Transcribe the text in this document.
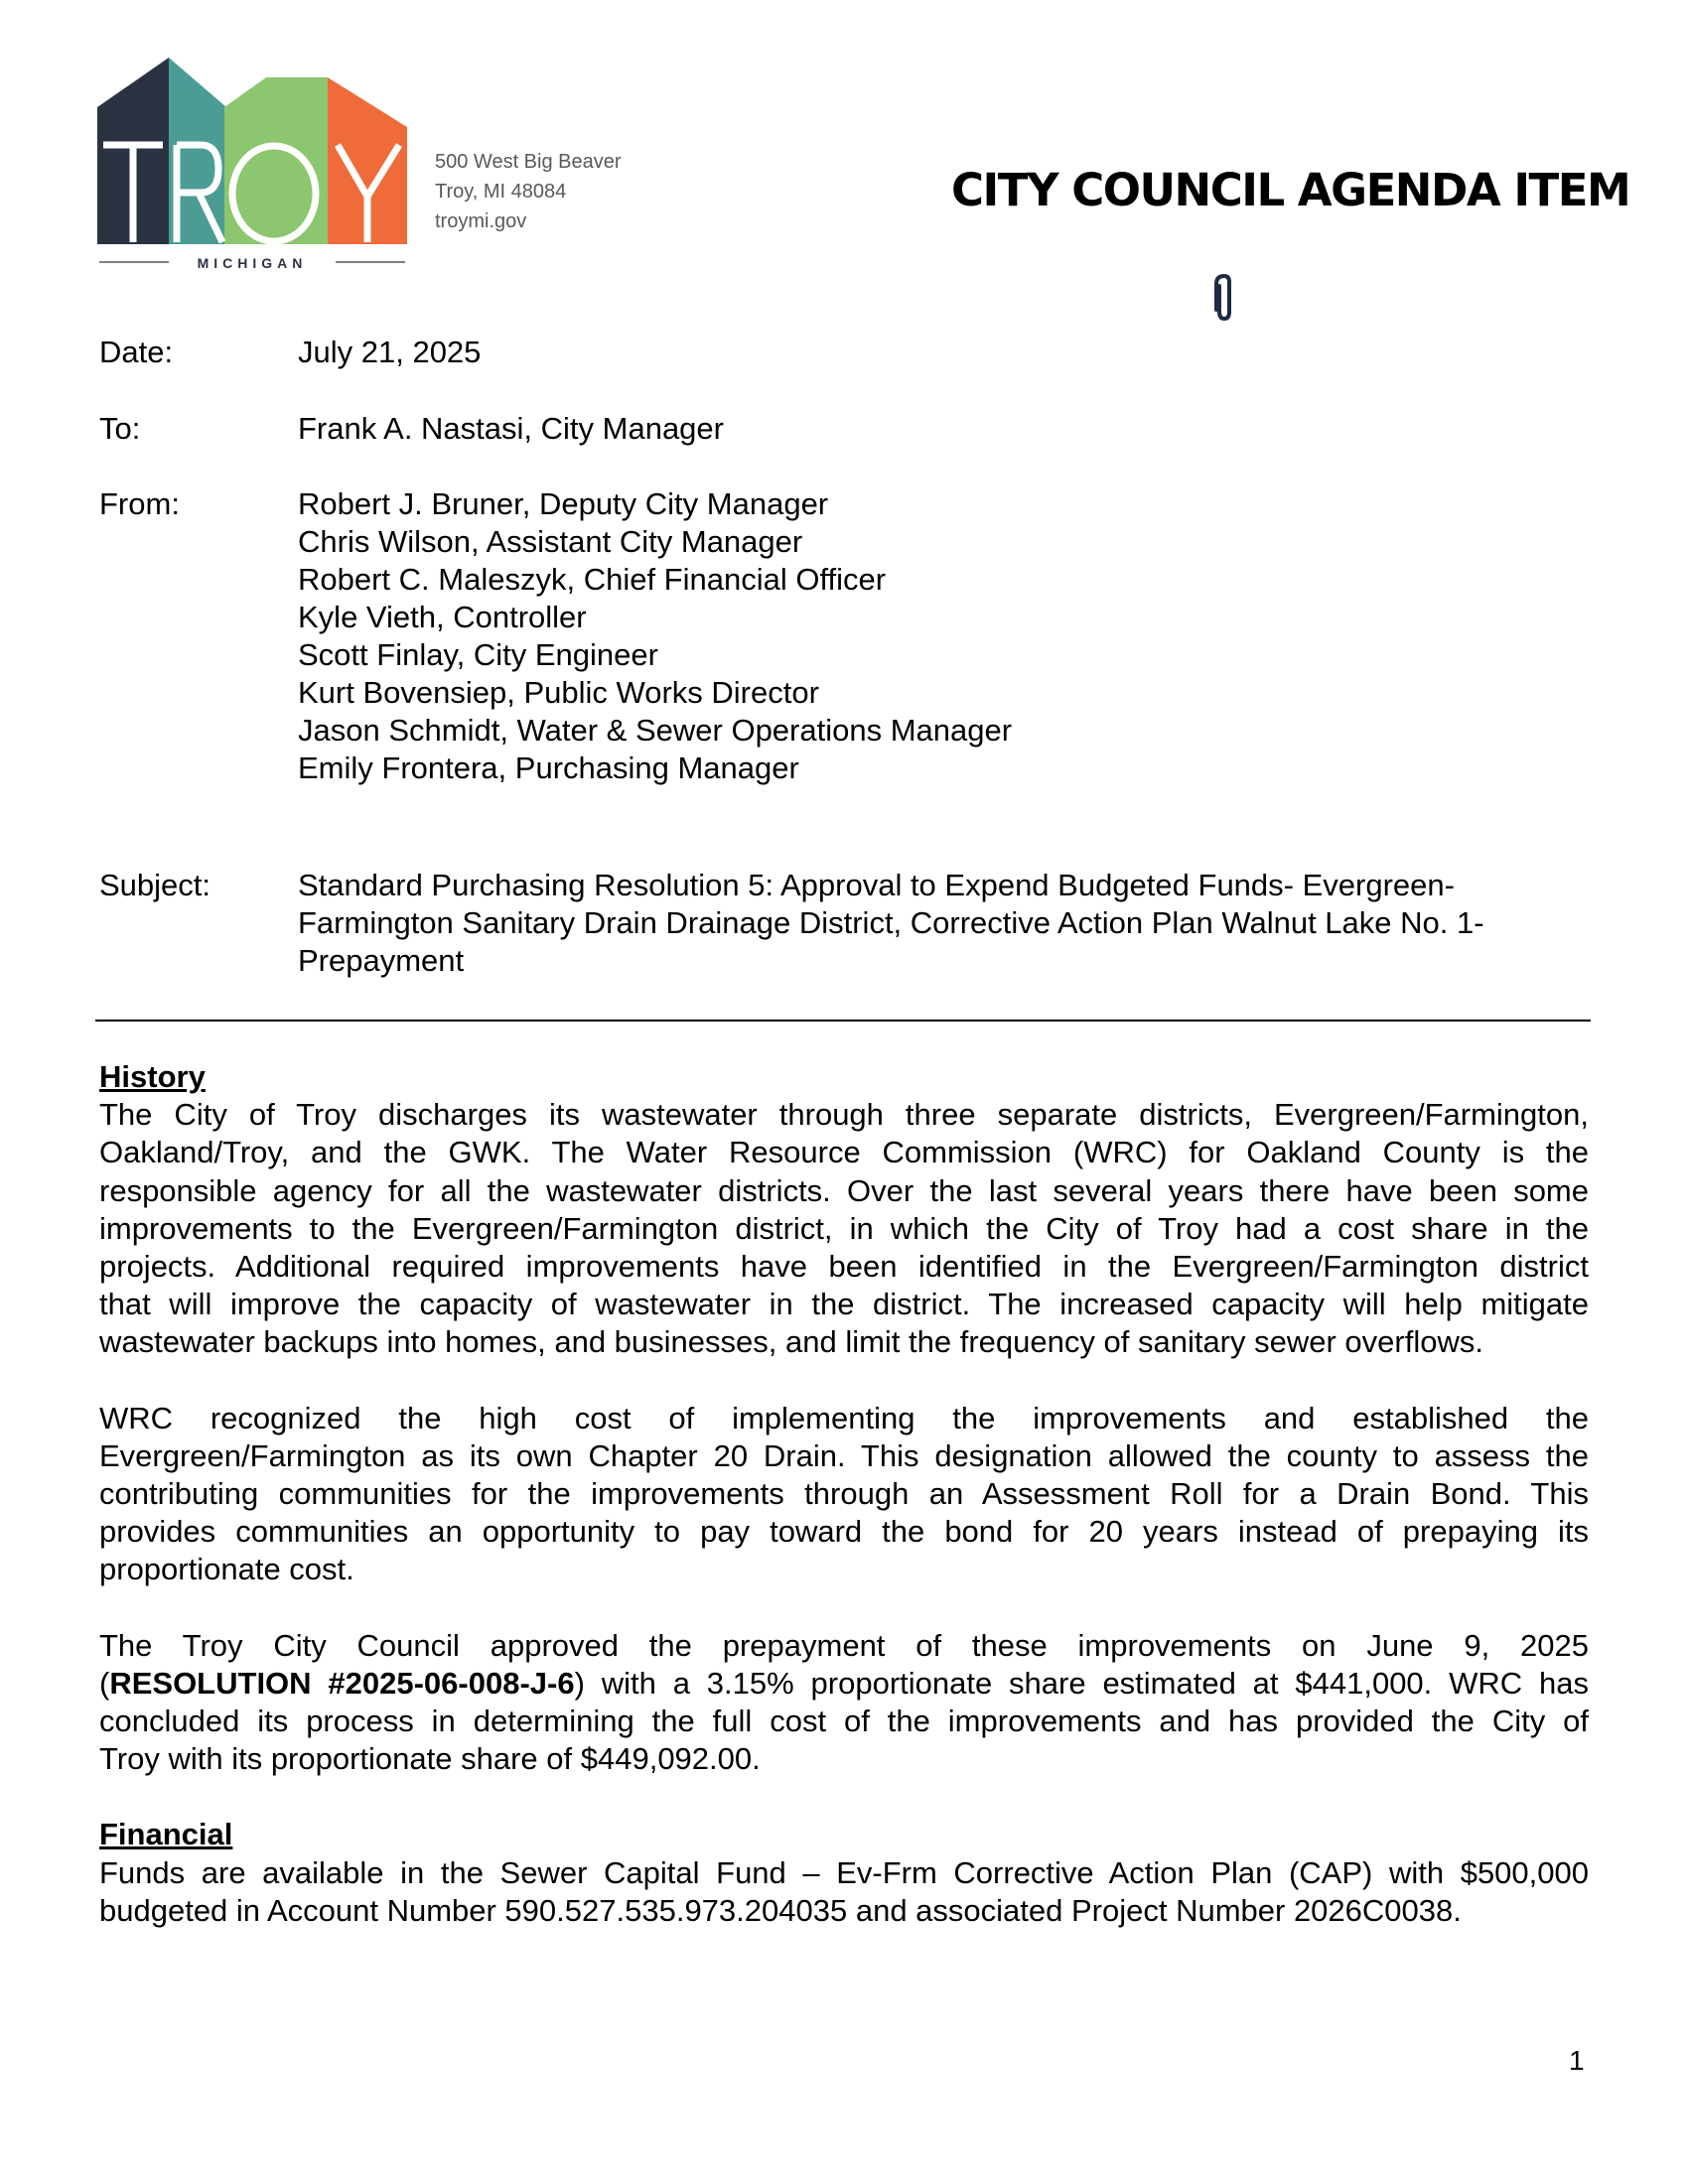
MICHIGAN
500 West Big Beaver
Troy, MI 48084
troymi.gov
CITY COUNCIL AGENDA ITEM
Date:	July 21, 2025
To:	Frank A. Nastasi, City Manager
From:	Robert J. Bruner, Deputy City Manager
Chris Wilson, Assistant City Manager
Robert C. Maleszyk, Chief Financial Officer
Kyle Vieth, Controller
Scott Finlay, City Engineer
Kurt Bovensiep, Public Works Director
Jason Schmidt, Water & Sewer Operations Manager
Emily Frontera, Purchasing Manager
Subject:	Standard Purchasing Resolution 5: Approval to Expend Budgeted Funds- Evergreen-
Farmington Sanitary Drain Drainage District, Corrective Action Plan Walnut Lake No. 1-
Prepayment
History
The City of Troy discharges its wastewater through three separate districts, Evergreen/Farmington,
Oakland/Troy, and the GWK. The Water Resource Commission (WRC) for Oakland County is the
responsible agency for all the wastewater districts. Over the last several years there have been some
improvements to the Evergreen/Farmington district, in which the City of Troy had a cost share in the
projects. Additional required improvements have been identified in the Evergreen/Farmington district
that will improve the capacity of wastewater in the district. The increased capacity will help mitigate
wastewater backups into homes, and businesses, and limit the frequency of sanitary sewer overflows.
WRC recognized the high cost of implementing the improvements and established the
Evergreen/Farmington as its own Chapter 20 Drain. This designation allowed the county to assess the
contributing communities for the improvements through an Assessment Roll for a Drain Bond. This
provides communities an opportunity to pay toward the bond for 20 years instead of prepaying its
proportionate cost.
The Troy City Council approved the prepayment of these improvements on June 9, 2025
(RESOLUTION #2025-06-008-J-6) with a 3.15% proportionate share estimated at $441,000. WRC has
concluded its process in determining the full cost of the improvements and has provided the City of
Troy with its proportionate share of $449,092.00.
Financial
Funds are available in the Sewer Capital Fund – Ev-Frm Corrective Action Plan (CAP) with $500,000
budgeted in Account Number 590.527.535.973.204035 and associated Project Number 2026C0038.
1
